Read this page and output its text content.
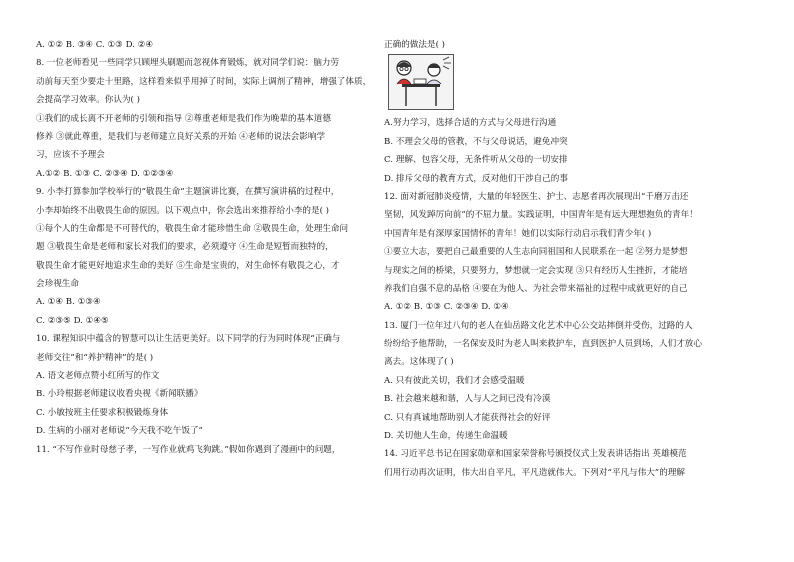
A. ①② B. ③④ C. ①③ D. ②④
8. 一位老师看见一些同学只顾埋头刷题而忽视体育锻炼，就对同学们说：脑力劳
动前每天至少要走十里路，这样看来似乎用掉了时间，实际上调剂了精神，增强了体质，
会提高学习效率。你认为( )
①我们的成长离不开老师的引领和指导 ②尊重老师是我们作为晚辈的基本道德
修养 ③就此尊重，是我们与老师建立良好关系的开始 ④老师的说法会影响学
习，应该不予理会
A.①② B. ①③ C. ②③④ D. ①②③④
9. 小李打算参加学校举行的“敬畏生命”主题演讲比赛，在撰写演讲稿的过程中，
小李却始终不出敬畏生命的原因。以下观点中，你会选出来推荐给小李的是( )
①每个人的生命都是不可替代的，敬畏生命才能珍惜生命 ②敬畏生命，处理生命问
题 ③敬畏生命是老师和家长对我们的要求，必须遵守 ④生命是短暂而独特的，
敬畏生命才能更好地追求生命的美好 ⑤生命是宝贵的，对生命怀有敬畏之心，才
会珍视生命
A. ①④ B. ①③④
C. ②③⑤ D. ①④⑤
10. 课程知识中蕴含的智慧可以让生活更美好。以下同学的行为同时体现“正确与
老师交往”和“养护精神”的是( )
A. 语文老师点赞小红所写的作文
B. 小玲根据老师建议收看央视《新闻联播》
C. 小敏按班主任要求积极锻炼身体
D. 生病的小丽对老师说“今天我不吃午饭了”
11. “不写作业时母慈子孝，一写作业就鸡飞狗跳。”假如你遇到了漫画中的问题，
正确的做法是( )
A.努力学习，选择合适的方式与父母进行沟通
B. 不理会父母的管教，不与父母说话，避免冲突
C. 理解、包容父母，无条件听从父母的一切安排
D. 排斥父母的教育方式，反对他们干涉自己的事
12. 面对新冠肺炎疫情，大量的年轻医生、护士、志愿者再次展现出“千磨万击还
坚韧，风发踔厉向前”的不屈力量。实践证明，中国青年是有远大理想抱负的青年！
中国青年是有深厚家国情怀的青年！她们以实际行动启示我们青少年( )
①要立大志，要把自己最重要的人生志向同祖国和人民联系在一起 ②努力是梦想
与现实之间的桥梁，只要努力，梦想就一定会实现 ③只有经历人生挫折，才能培
养我们自强不息的品格 ④要在为他人、为社会带来福祉的过程中成就更好的自己
A. ①② B. ①③ C. ②③④ D. ①④
13. 厦门一位年过八旬的老人在仙岳路文化艺术中心公交站摔倒并受伤，过路的人
纷纷给予他帮助，一名保安及时为老人叫来救护车，直到医护人员到场，人们才放心
离去。这体现了( )
A. 只有彼此关切，我们才会感受温暖
B. 社会越来越和谐，人与人之间已没有冷漠
C. 只有真诚地帮助别人才能获得社会的好评
D. 关切他人生命，传递生命温暖
14. 习近平总书记在国家勋章和国家荣誉称号颁授仪式上发表讲话指出 英雄模范
们用行动再次证明，伟大出自平凡，平凡造就伟大。下列对“平凡与伟大”的理解
